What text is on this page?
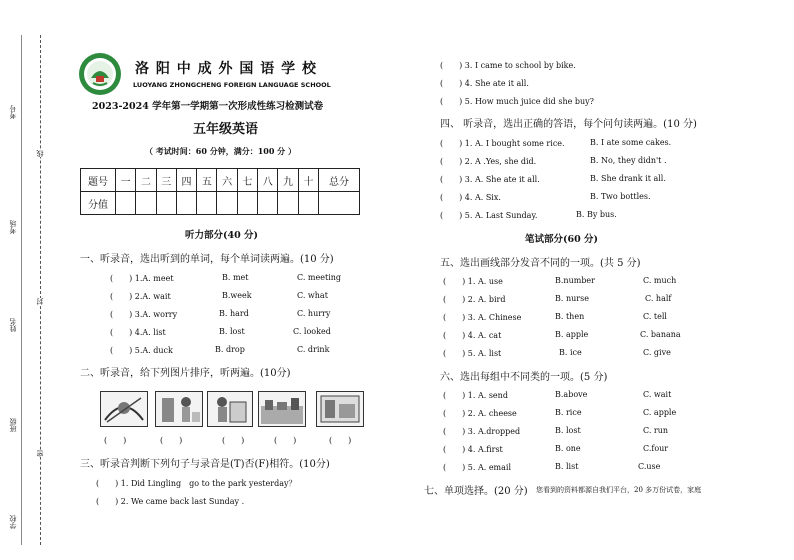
考号
考场
姓名
班级
学校
线
封
密
洛 阳 中 成 外 国 语 学 校
LUOYANG ZHONGCHENG FOREIGN LANGUAGE SCHOOL
2023-2024 学年第一学期第一次形成性练习检测试卷
五年级英语
（ 考试时间：60 分钟，满分：100 分 ）
题号	一	二	三	四	五	六	七	八	九	十	总分
分值											
听力部分(40 分)
一、听录音，选出听到的单词，每个单词读两遍。(10 分)
(　　) 1.A. meet	B. met	C. meeting
(　　) 2.A. wait	B.week	C. what
(　　) 3.A. worry	B. hard	C. hurry
(　　) 4.A. list	B. lost	C. looked
(　　) 5.A. duck	B. drop	C. drink
二、听录音，给下列图片排序，听两遍。(10分)
(　　)	(　　)	(　　)	(　　)	(　　)
三、听录音判断下列句子与录音是(T)否(F)相符。(10分)
(　　) 1. Did Lingling　go to the park yesterday？
(　　) 2. We came back last Sunday .
(　　) 3. I came to school by bike.
(　　) 4. She ate it all.
(　　) 5. How much juice did she buy?
四、 听录音，选出正确的答语，每个问句读两遍。(10 分)
(　　) 1. A. I bought some rice.	B. I ate some cakes.
(　　) 2. A .Yes, she did.	B. No, they didn't .
(　　) 3. A. She ate it all.	B. She drank it all.
(　　) 4. A. Six.	B. Two bottles.
(　　) 5. A. Last Sunday.	B. By bus.
笔试部分(60 分)
五、选出画线部分发音不同的一项。(共 5 分)
(　　) 1. A. use	B.number	C. much
(　　) 2. A. bird	B. nurse	C. half
(　　) 3. A. Chinese	B. then	C. tell
(　　) 4. A. cat	B. apple	C. banana
(　　) 5. A. list	B. ice	C. give
六、选出每组中不同类的一项。(5 分)
(　　) 1. A. send	B.above	C. wait
(　　) 2. A. cheese	B. rice	C. apple
(　　) 3. A.dropped	B. lost	C. run
(　　) 4. A.first	B. one	C.four
(　　) 5. A. email	B. list	C.use
七、单项选择。(20 分) 您看到的资料都源自我们平台，20 多万份试卷，家庭
